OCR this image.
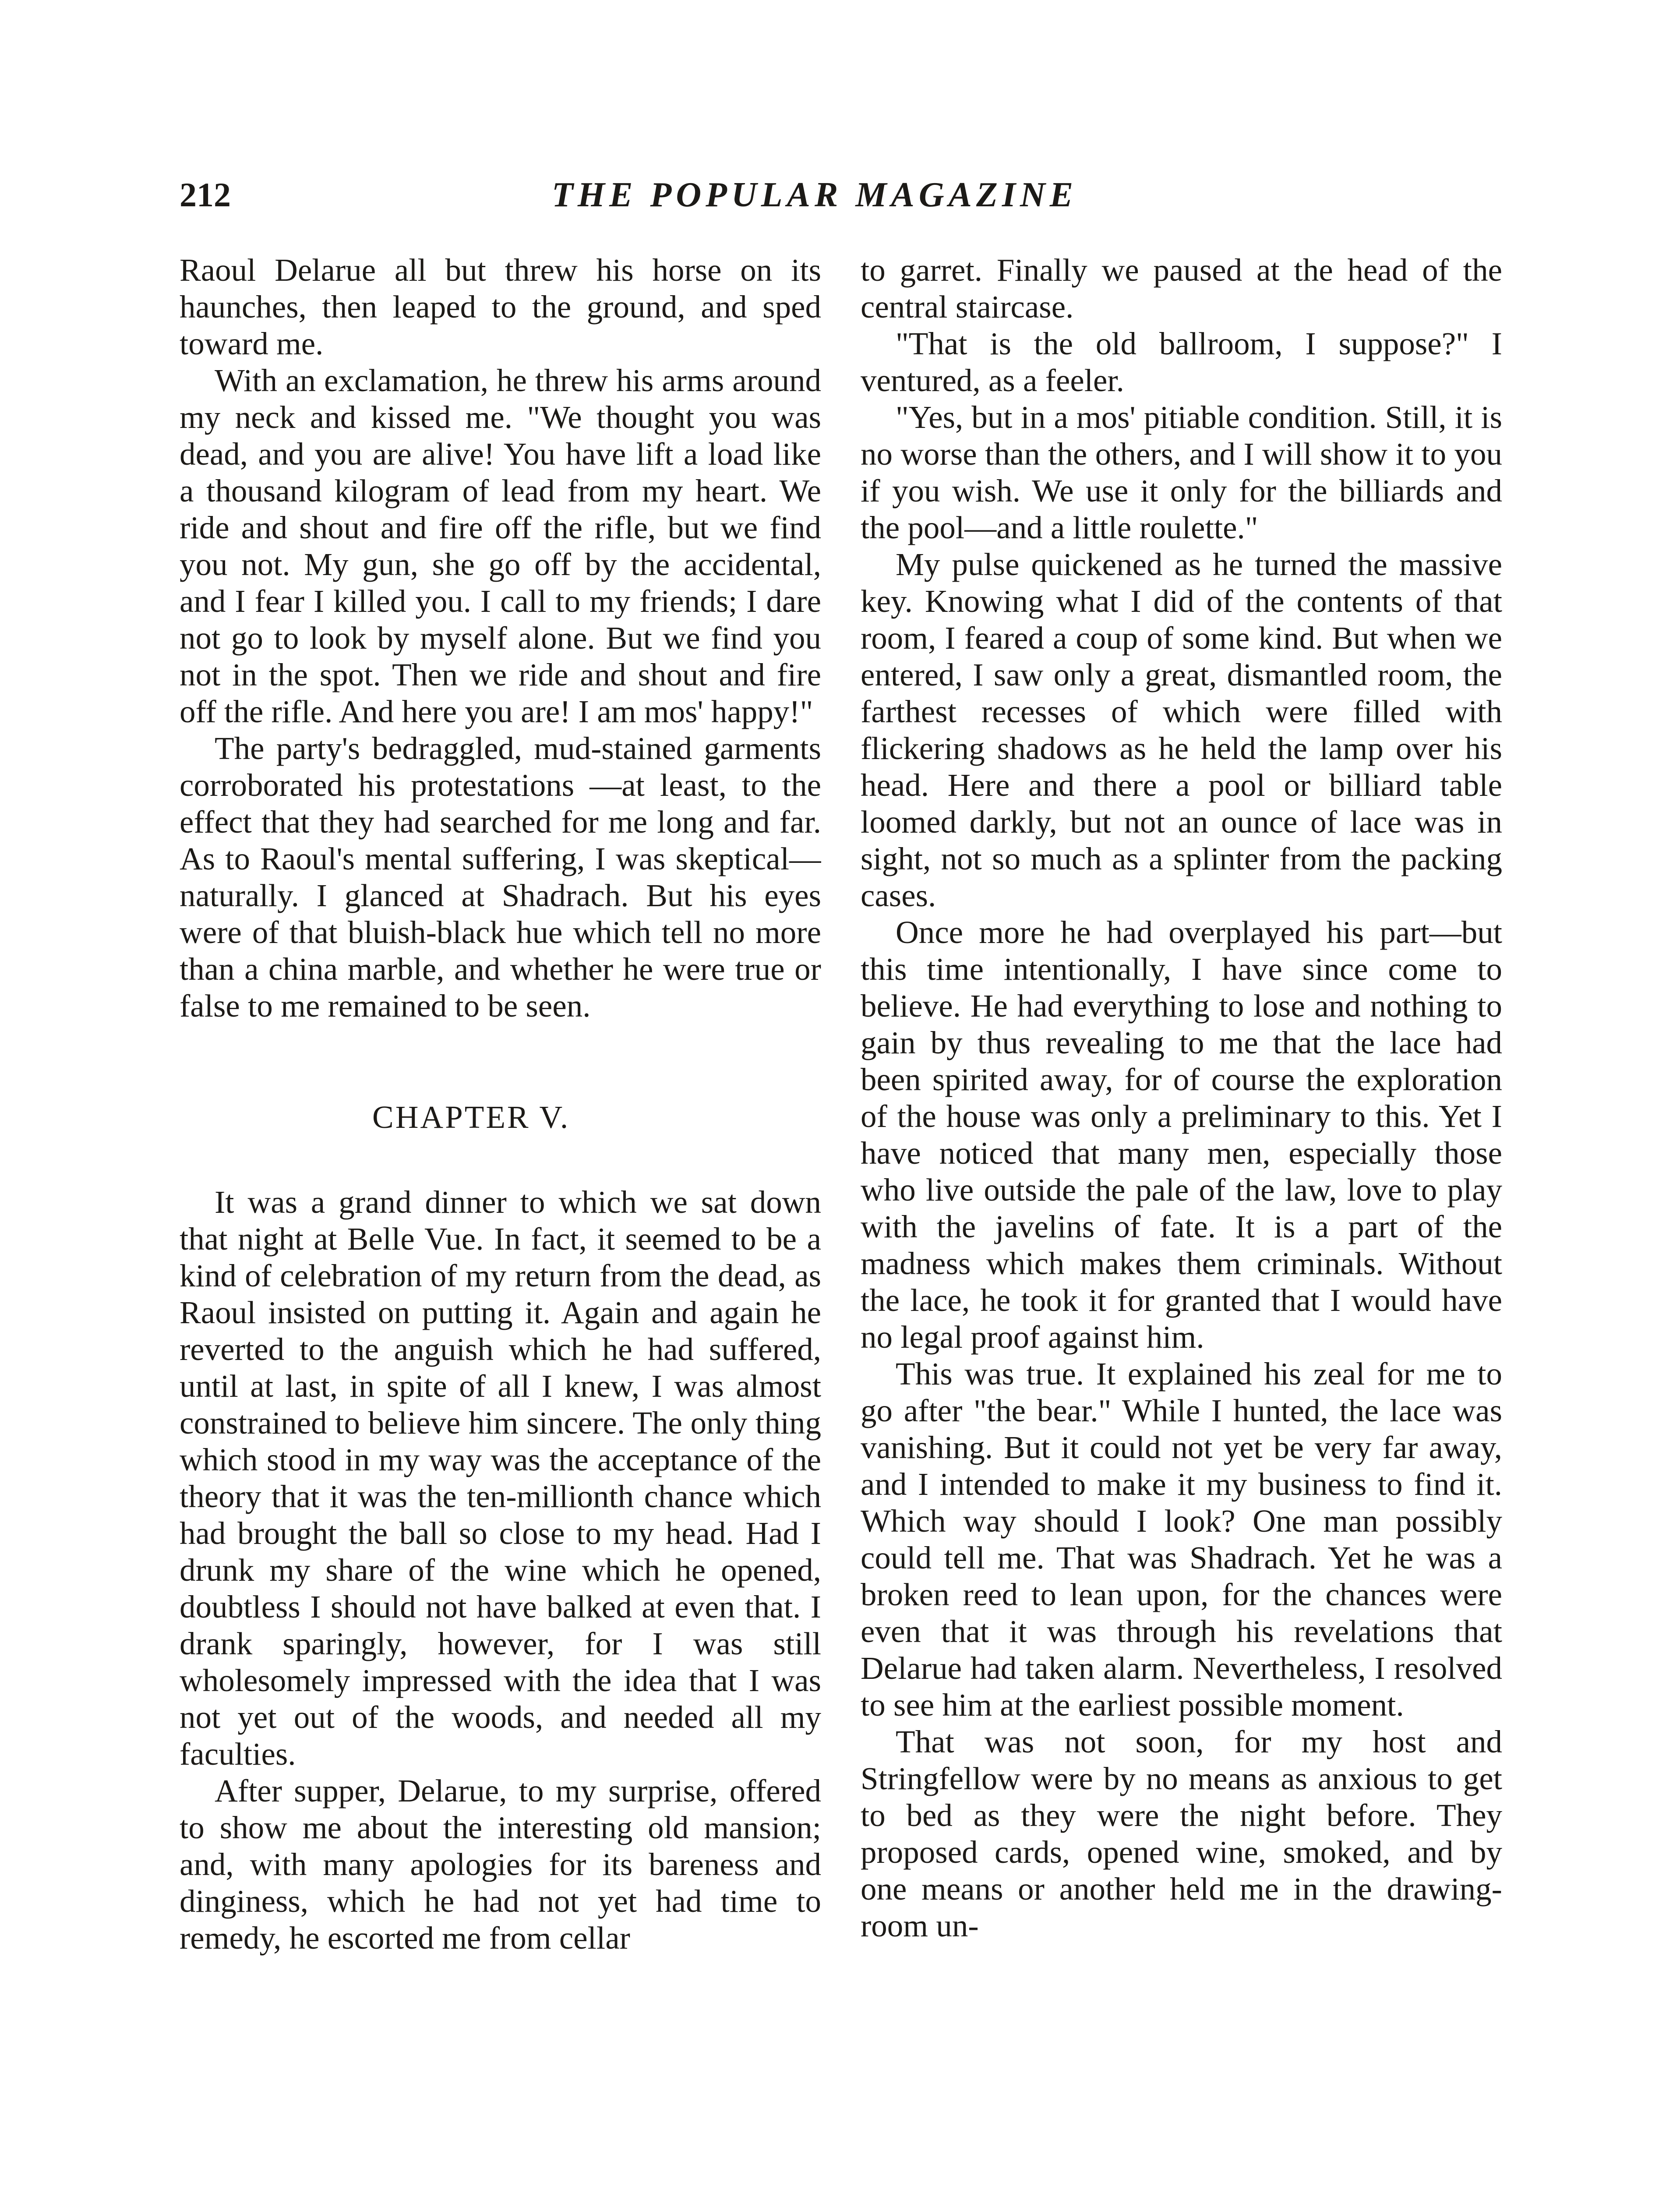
212	THE POPULAR MAGAZINE

Raoul Delarue all but threw his horse on its haunches, then leaped to the ground, and sped toward me.

With an exclamation, he threw his arms around my neck and kissed me. "We thought you was dead, and you are alive! You have lift a load like a thousand kilogram of lead from my heart. We ride and shout and fire off the rifle, but we find you not. My gun, she go off by the accidental, and I fear I killed you. I call to my friends; I dare not go to look by myself alone. But we find you not in the spot. Then we ride and shout and fire off the rifle. And here you are! I am mos' happy!"

The party's bedraggled, mud-stained garments corroborated his protestations —at least, to the effect that they had searched for me long and far. As to Raoul's mental suffering, I was skeptical—naturally. I glanced at Shadrach. But his eyes were of that bluish-black hue which tell no more than a china marble, and whether he were true or false to me remained to be seen.

CHAPTER V.

It was a grand dinner to which we sat down that night at Belle Vue. In fact, it seemed to be a kind of celebration of my return from the dead, as Raoul insisted on putting it. Again and again he reverted to the anguish which he had suffered, until at last, in spite of all I knew, I was almost constrained to believe him sincere. The only thing which stood in my way was the acceptance of the theory that it was the ten-millionth chance which had brought the ball so close to my head. Had I drunk my share of the wine which he opened, doubtless I should not have balked at even that. I drank sparingly, however, for I was still wholesomely impressed with the idea that I was not yet out of the woods, and needed all my faculties.

After supper, Delarue, to my surprise, offered to show me about the interesting old mansion; and, with many apologies for its bareness and dinginess, which he had not yet had time to remedy, he escorted me from cellar

to garret. Finally we paused at the head of the central staircase.

"That is the old ballroom, I suppose?" I ventured, as a feeler.

"Yes, but in a mos' pitiable condition. Still, it is no worse than the others, and I will show it to you if you wish. We use it only for the billiards and the pool—and a little roulette."

My pulse quickened as he turned the massive key. Knowing what I did of the contents of that room, I feared a coup of some kind. But when we entered, I saw only a great, dismantled room, the farthest recesses of which were filled with flickering shadows as he held the lamp over his head. Here and there a pool or billiard table loomed darkly, but not an ounce of lace was in sight, not so much as a splinter from the packing cases.

Once more he had overplayed his part—but this time intentionally, I have since come to believe. He had everything to lose and nothing to gain by thus revealing to me that the lace had been spirited away, for of course the exploration of the house was only a preliminary to this. Yet I have noticed that many men, especially those who live outside the pale of the law, love to play with the javelins of fate. It is a part of the madness which makes them criminals. Without the lace, he took it for granted that I would have no legal proof against him.

This was true. It explained his zeal for me to go after "the bear." While I hunted, the lace was vanishing. But it could not yet be very far away, and I intended to make it my business to find it. Which way should I look? One man possibly could tell me. That was Shadrach. Yet he was a broken reed to lean upon, for the chances were even that it was through his revelations that Delarue had taken alarm. Nevertheless, I resolved to see him at the earliest possible moment.

That was not soon, for my host and Stringfellow were by no means as anxious to get to bed as they were the night before. They proposed cards, opened wine, smoked, and by one means or another held me in the drawing-room un-
